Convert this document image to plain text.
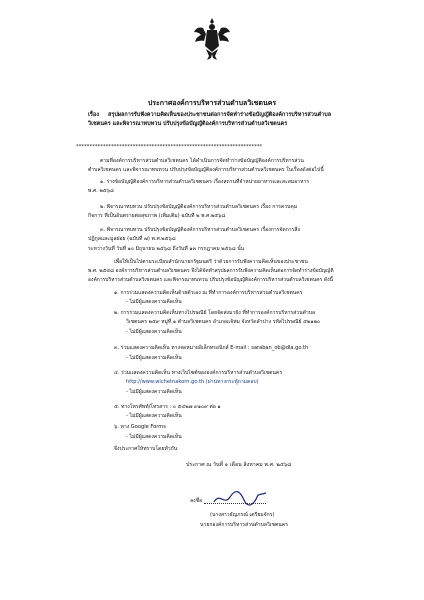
ประกาศองค์การบริหารส่วนตำบลวิเชตนคร
เรื่อง สรุปผลการรับฟังความคิดเห็นของประชาชนต่อการจัดทำร่างข้อบัญญัติองค์การบริหารส่วนตำบล
วิเชตนคร และพิจารณาทบทวน ปรับปรุงข้อบัญญัติองค์การบริหารส่วนตำบลวิเชตนคร
*********************************************************************
ตามที่องค์การบริหารส่วนตำบลวิเชตนคร ได้ดำเนินการจัดทำร่างข้อบัญญัติองค์การบริหารส่วน
ตำบลวิเชตนคร และพิจารณาทบทวน ปรับปรุงข้อบัญญัติองค์การบริหารส่วนตำบลวิเชตนคร ในเรื่องดังต่อไปนี้
๑. ร่างข้อบัญญัติองค์การบริหารส่วนตำบลวิเชตนคร เรื่องสถานที่จำหน่ายอาหารและสะสมอาหาร
พ.ศ. ๒๕๖๘
๒. พิจารณาทบทวน ปรับปรุงข้อบัญญัติองค์การบริหารส่วนตำบลวิเชตนคร เรื่อง การควบคุม
กิจการ ที่เป็นอันตรายต่อสุขภาพ (เพิ่มเติม) ฉบับที่ ๒ พ.ศ.๒๕๖๘
๓. พิจารณาทบทวน ปรับปรุงข้อบัญญัติองค์การบริหารส่วนตำบลวิเชตนคร เรื่องการจัดการสิ่ง
ปฏิกูลและมูลฝอย (ฉบับที่ ๗) พ.ศ.๒๕๖๘
ระหว่างวันที่ วันที่ ๑๐ มิถุนายน ๒๕๖๘ ถึงวันที่ ๑๓ กรกฎาคม ๒๕๖๘ นั้น
เพื่อให้เป็นไปตามระเบียบสำนักนายกรัฐมนตรี ว่าด้วยการรับฟังความคิดเห็นของประชาชน
พ.ศ. ๒๕๔๘ องค์การบริหารส่วนตำบลวิเชตนคร จึงได้จัดทำสรุปผลการรับฟังความคิดเห็นต่อการจัดทำร่างข้อบัญญัติ
องค์การบริหารส่วนตำบลวิเชตนคร และพิจารณาทบทวน ปรับปรุงข้อบัญญัติองค์การบริหารส่วนตำบลวิเชตนคร ดังนี้
๑. การร่วมแสดงความคิดเห็นด้วยตัวเอง ณ ที่ทำการองค์การบริหารส่วนตำบลวิเชตนคร
- ไม่มีผู้แสดงความคิดเห็น
๒. การร่วมแสดงความคิดเห็นทางไปรษณีย์ โดยจัดส่งมายัง ที่ทำการองค์การบริหารส่วนตำบล
วิเชตนคร ๒๕๙ หมู่ที่ ๑ ตำบลวิเชตนคร อำเภอแจ้ห่ม จังหวัดลำปาง รหัสไปรษณีย์ ๕๒๑๒๐
- ไม่มีผู้แสดงความคิดเห็น
๓. ร่วมแสดงความคิดเห็น ทางจดหมายอิเล็กทรอนิกส์ E-mail : saraban_ob@dla.go.th
- ไม่มีผู้แสดงความคิดเห็น
๔. ร่วมแสดงความคิดเห็น ทางเว็บไซต์ขององค์การบริหารส่วนตำบลวิเชตนคร
http://www.wichetnakorn.go.th (ผ่านทางกระทู้ถามตอบ)
- ไม่มีผู้แสดงความคิดเห็น
๕. ทางโทรศัพท์/โทรสาร : ๐ ๕๔๒๗ ๙๑๐๙ ต่อ ๑
- ไม่มีผู้แสดงความคิดเห็น
๖. ทาง Google Forms
- ไม่มีผู้แสดงความคิดเห็น
จึงประกาศให้ทราบโดยทั่วกัน
ประกาศ ณ วันที่ ๑ เดือน สิงหาคม พ.ศ. ๒๕๖๘
ลงชื่อ
(นางสาวธัญภรณ์ เตรียมจักร)
นายกองค์การบริหารส่วนตำบลวิเชตนคร
